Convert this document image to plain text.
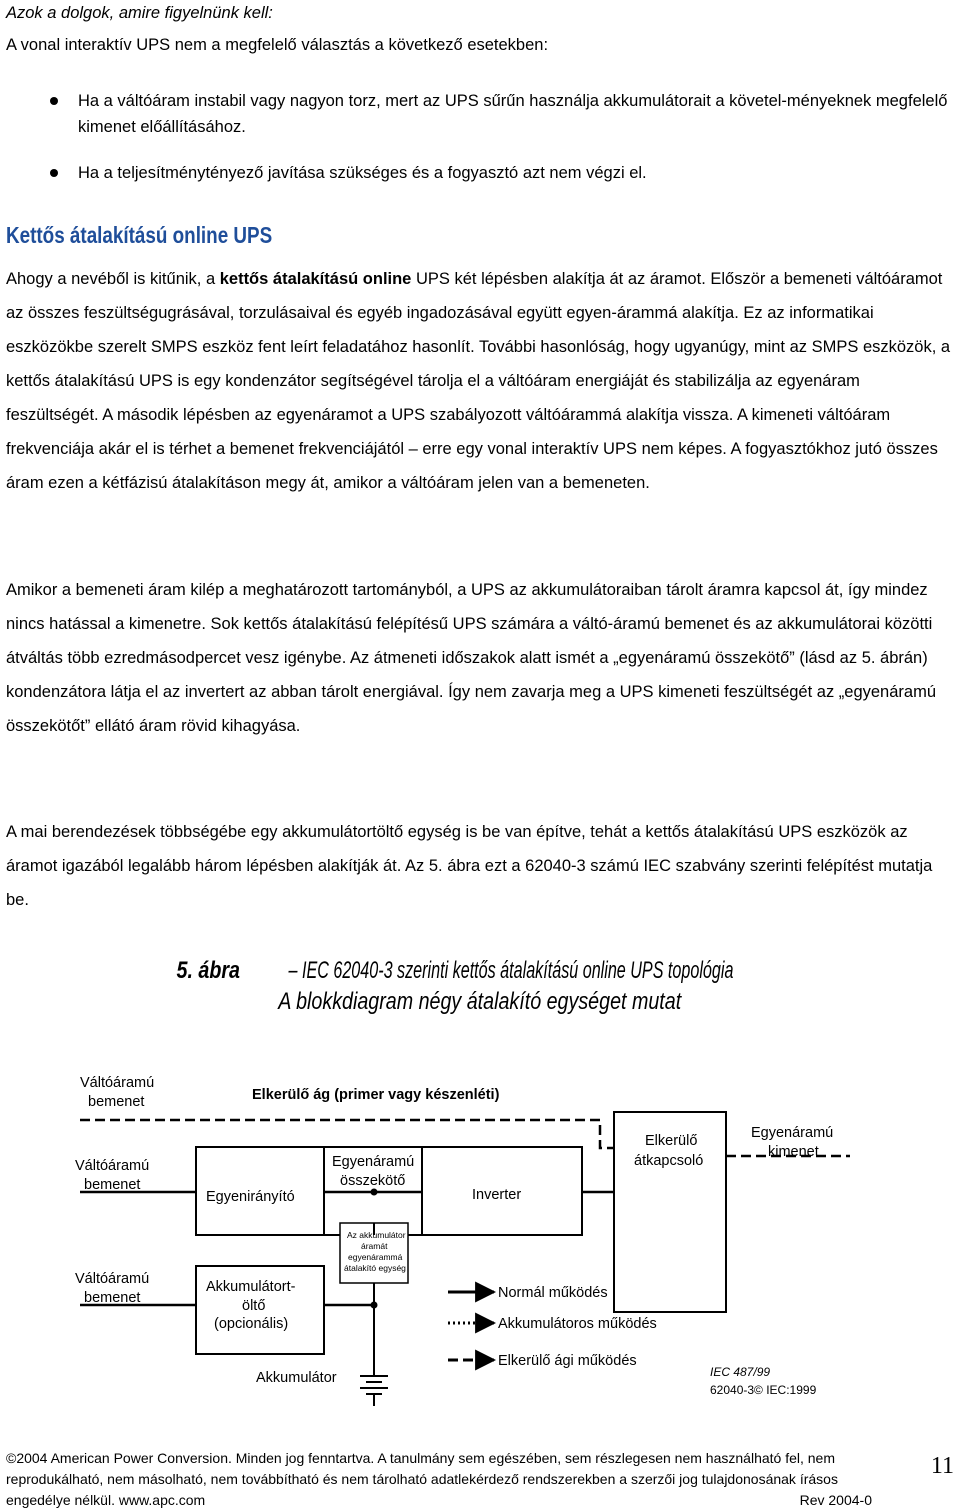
Azok a dolgok, amire figyelnünk kell:
A vonal interaktív UPS nem a megfelelő választás a következő esetekben:
Ha a váltóáram instabil vagy nagyon torz, mert az UPS sűrűn használja akkumulátorait a követel-ményeknek megfelelő kimenet előállításához.
Ha a teljesítménytényező javítása szükséges és a fogyasztó azt nem végzi el.
Kettős átalakítású online UPS

Ahogy a nevéből is kitűnik, a kettős átalakítású online UPS két lépésben alakítja át az áramot. Először a bemeneti váltóáramot az összes feszültségugrásával, torzulásaival és egyéb ingadozásával együtt egyen-árammá alakítja. Ez az informatikai eszközökbe szerelt SMPS eszköz fent leírt feladatához hasonlít. További hasonlóság, hogy ugyanúgy, mint az SMPS eszközök, a kettős átalakítású UPS is egy kondenzátor segítségével tárolja el a váltóáram energiáját és stabilizálja az egyenáram feszültségét. A második lépésben az egyenáramot a UPS szabályozott váltóárammá alakítja vissza. A kimeneti váltóáram frekvenciája akár el is térhet a bemenet frekvenciájától – erre egy vonal interaktív UPS nem képes. A fogyasztókhoz jutó összes áram ezen a kétfázisú átalakításon megy át, amikor a váltóáram jelen van a bemeneten.

Amikor a bemeneti áram kilép a meghatározott tartományból, a UPS az akkumulátoraiban tárolt áramra kapcsol át, így mindez nincs hatással a kimenetre. Sok kettős átalakítású felépítésű UPS számára a váltó-áramú bemenet és az akkumulátorai közötti átváltás több ezredmásodpercet vesz igénybe. Az átmeneti időszakok alatt ismét a „egyenáramú összekötő” (lásd az 5. ábrán) kondenzátora látja el az invertert az abban tárolt energiával. Így nem zavarja meg a UPS kimeneti feszültségét az „egyenáramú összekötőt” ellátó áram rövid kihagyása.

A mai berendezések többségébe egy akkumulátortöltő egység is be van építve, tehát a kettős átalakítású UPS eszközök az áramot igazából legalább három lépésben alakítják át. Az 5. ábra ezt a 62040-3 számú IEC szabvány szerinti felépítést mutatja be.

5. ábra– IEC 62040-3 szerinti kettős átalakítású online UPS topológia
A blokkdiagram négy átalakító egységet mutat
Váltóáramú
bemenet	Elkerülő ág (primer vagy készenléti)
Váltóáramú
bemenet
Egyenirányító
Egyenáramú
összekötő
Inverter
Elkerülő
átkapcsoló
Egyenáramú
kimenet
Váltóáramú
bemenet
Akkumulátort-
öltő
(opcionális)
Akkumulátor
Normál működés
Akkumulátoros működés
Elkerülő ági működés
Az akkumulátor
áramát
egyenárammá
átalakító egység
IEC 487/99
62040-3© IEC:1999
©2004 American Power Conversion. Minden jog fenntartva. A tanulmány sem egészében, sem részlegesen nem használható fel, nem
reprodukálható, nem másolható, nem továbbítható és nem tárolható adatlekérdező rendszerekben a szerzői jog tulajdonosának írásos
engedélye nélkül. www.apc.com	Rev 2004-0
11
